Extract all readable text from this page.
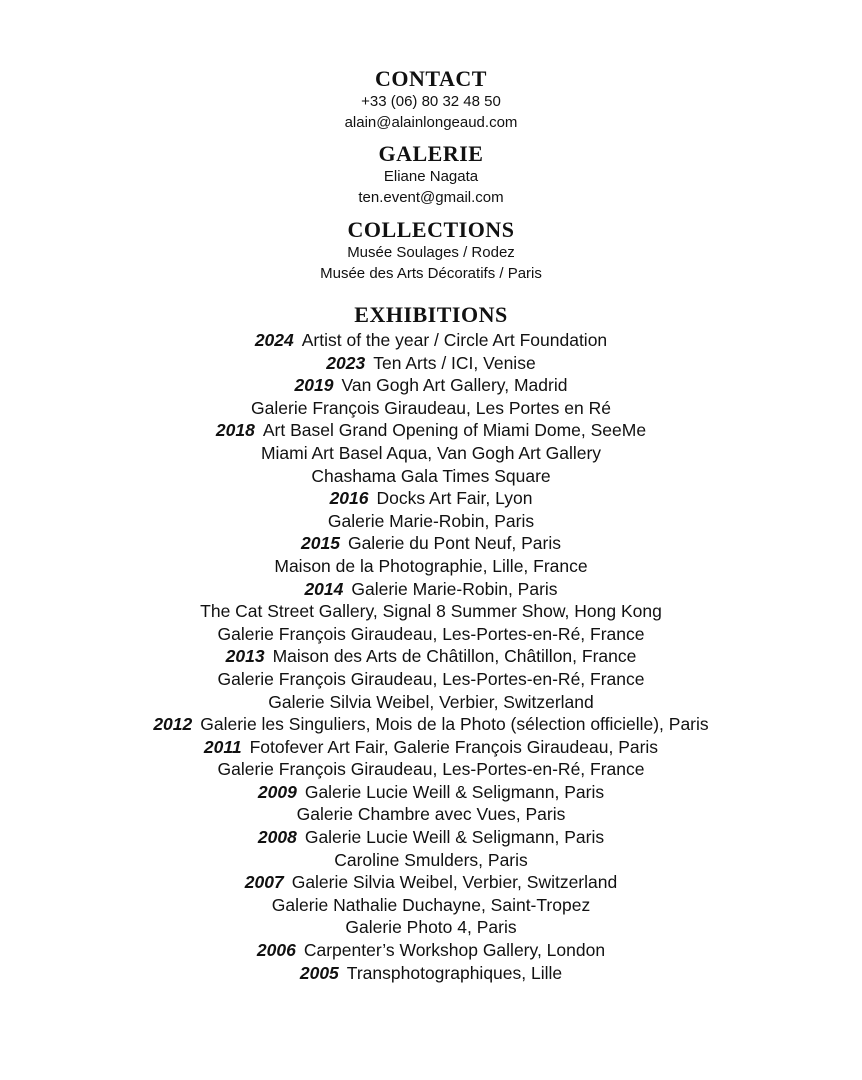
CONTACT

+33 (06) 80 32 48 50

alain@alainlongeaud.com

GALERIE

Eliane Nagata

ten.event@gmail.com

COLLECTIONS

Musée Soulages / Rodez

Musée des Arts Décoratifs / Paris

EXHIBITIONS
2024 Artist of the year / Circle Art Foundation
2023 Ten Arts / ICI, Venise
2019 Van Gogh Art Gallery, Madrid
Galerie François Giraudeau, Les Portes en Ré
2018 Art Basel Grand Opening of Miami Dome, SeeMe
Miami Art Basel Aqua, Van Gogh Art Gallery
Chashama Gala Times Square
2016 Docks Art Fair, Lyon
Galerie Marie-Robin, Paris
2015 Galerie du Pont Neuf, Paris
Maison de la Photographie, Lille, France
2014 Galerie Marie-Robin, Paris
The Cat Street Gallery, Signal 8 Summer Show, Hong Kong
Galerie François Giraudeau, Les-Portes-en-Ré, France
2013 Maison des Arts de Châtillon, Châtillon, France
Galerie François Giraudeau, Les-Portes-en-Ré, France
Galerie Silvia Weibel, Verbier, Switzerland
2012 Galerie les Singuliers, Mois de la Photo (sélection officielle), Paris
2011 Fotofever Art Fair, Galerie François Giraudeau, Paris
Galerie François Giraudeau, Les-Portes-en-Ré, France
2009 Galerie Lucie Weill & Seligmann, Paris
Galerie Chambre avec Vues, Paris
2008 Galerie Lucie Weill & Seligmann, Paris
Caroline Smulders, Paris
2007 Galerie Silvia Weibel, Verbier, Switzerland
Galerie Nathalie Duchayne, Saint-Tropez
Galerie Photo 4, Paris
2006 Carpenter’s Workshop Gallery, London
2005 Transphotographiques, Lille
